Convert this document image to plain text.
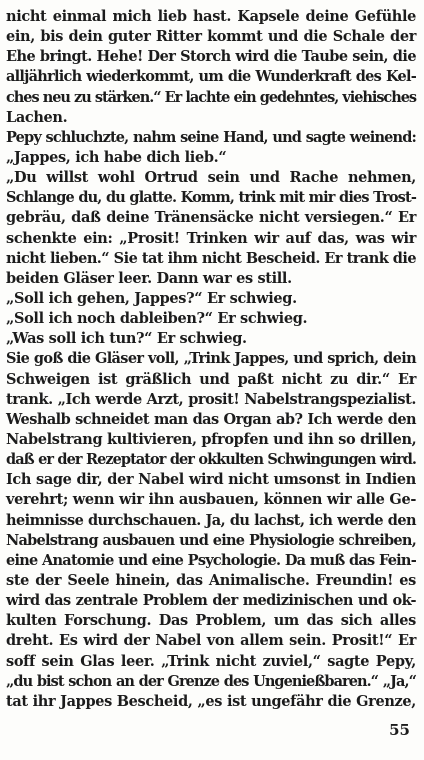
nicht einmal mich lieb hast. Kapsele deine Gefühle
ein, bis dein guter Ritter kommt und die Schale der
Ehe bringt. Hehe! Der Storch wird die Taube sein, die
alljährlich wiederkommt, um die Wunderkraft des Kel-
ches neu zu stärken.“ Er lachte ein gedehntes, viehisches
Lachen.
Pepy schluchzte, nahm seine Hand, und sagte weinend:
„Jappes, ich habe dich lieb.“
„Du willst wohl Ortrud sein und Rache nehmen,
Schlange du, du glatte. Komm, trink mit mir dies Trost-
gebräu, daß deine Tränensäcke nicht versiegen.“ Er
schenkte ein: „Prosit! Trinken wir auf das, was wir
nicht lieben.“ Sie tat ihm nicht Bescheid. Er trank die
beiden Gläser leer. Dann war es still.
„Soll ich gehen, Jappes?“ Er schwieg.
„Soll ich noch dableiben?“ Er schwieg.
„Was soll ich tun?“ Er schwieg.
Sie goß die Gläser voll, „Trink Jappes, und sprich, dein
Schweigen ist gräßlich und paßt nicht zu dir.“ Er
trank. „Ich werde Arzt, prosit! Nabelstrangspezialist.
Weshalb schneidet man das Organ ab? Ich werde den
Nabelstrang kultivieren, pfropfen und ihn so drillen,
daß er der Rezeptator der okkulten Schwingungen wird.
Ich sage dir, der Nabel wird nicht umsonst in Indien
verehrt; wenn wir ihn ausbauen, können wir alle Ge-
heimnisse durchschauen. Ja, du lachst, ich werde den
Nabelstrang ausbauen und eine Physiologie schreiben,
eine Anatomie und eine Psychologie. Da muß das Fein-
ste der Seele hinein, das Animalische. Freundin! es
wird das zentrale Problem der medizinischen und ok-
kulten Forschung. Das Problem, um das sich alles
dreht. Es wird der Nabel von allem sein. Prosit!“ Er
soff sein Glas leer. „Trink nicht zuviel,“ sagte Pepy,
„du bist schon an der Grenze des Ungenießbaren.“ „Ja,“
tat ihr Jappes Bescheid, „es ist ungefähr die Grenze,
55
